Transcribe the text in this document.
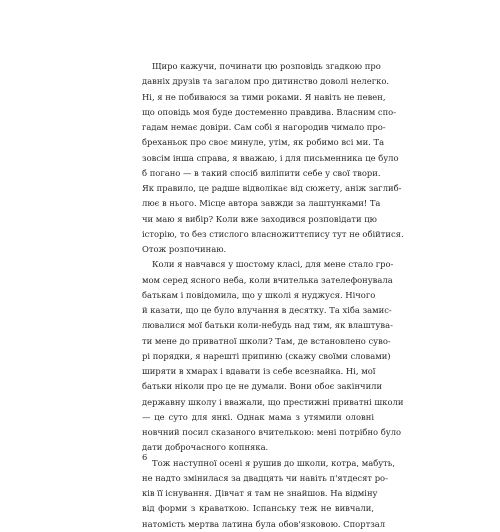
Щиро кажучи, починати цю розповідь згадкою про
давніх друзів та загалом про дитинство доволі нелегко.
Ні, я не побиваюся за тими роками. Я навіть не певен,
що оповідь моя буде достеменно правдива. Власним спо-
гадам немає довіри. Сам собі я нагородив чимало про-
бреханьок про своє минуле, утім, як робимо всі ми. Та
зовсім інша справа, я вважаю, і для письменника це було
б погано — в такий спосіб виліпити себе у свої твори.
Як правило, це радше відволікає від сюжету, аніж заглиб-
лює в нього. Місце автора завжди за лаштунками! Та
чи маю я вибір? Коли вже заходився розповідати цю
історію, то без стислого власножиттєпису тут не обійтися.
Отож розпочинаю.
Коли я навчався у шостому класі, для мене стало гро-
мом серед ясного неба, коли вчителька зателефонувала
батькам і повідомила, що у школі я нуджуся. Нічого
й казати, що це було влучання в десятку. Та хіба замис-
лювалися мої батьки коли-небудь над тим, як влаштува-
ти мене до приватної школи? Там, де встановлено суво-
рі порядки, я нарешті припиню (скажу своїми словами)
ширяти в хмарах і вдавати із себе всезнайка. Ні, мої
батьки ніколи про це не думали. Вони обоє закінчили
державну школу і вважали, що престижні приватні школи
— це суто для янкі. Однак мама з утямили оловні
новчний посил сказаного вчителькою: мені потрібно було
дати доброчасного копняка.
Тож наступної осені я рушив до школи, котра, мабуть,
не надто змінилася за двадцять чи навіть п'ятдесят ро-
ків її існування. Дівчат я там не знайшов. На відміну
від форми з краваткою. Іспанську теж не вивчали,
натомість мертва латина була обов'язковою. Спортзал
6
